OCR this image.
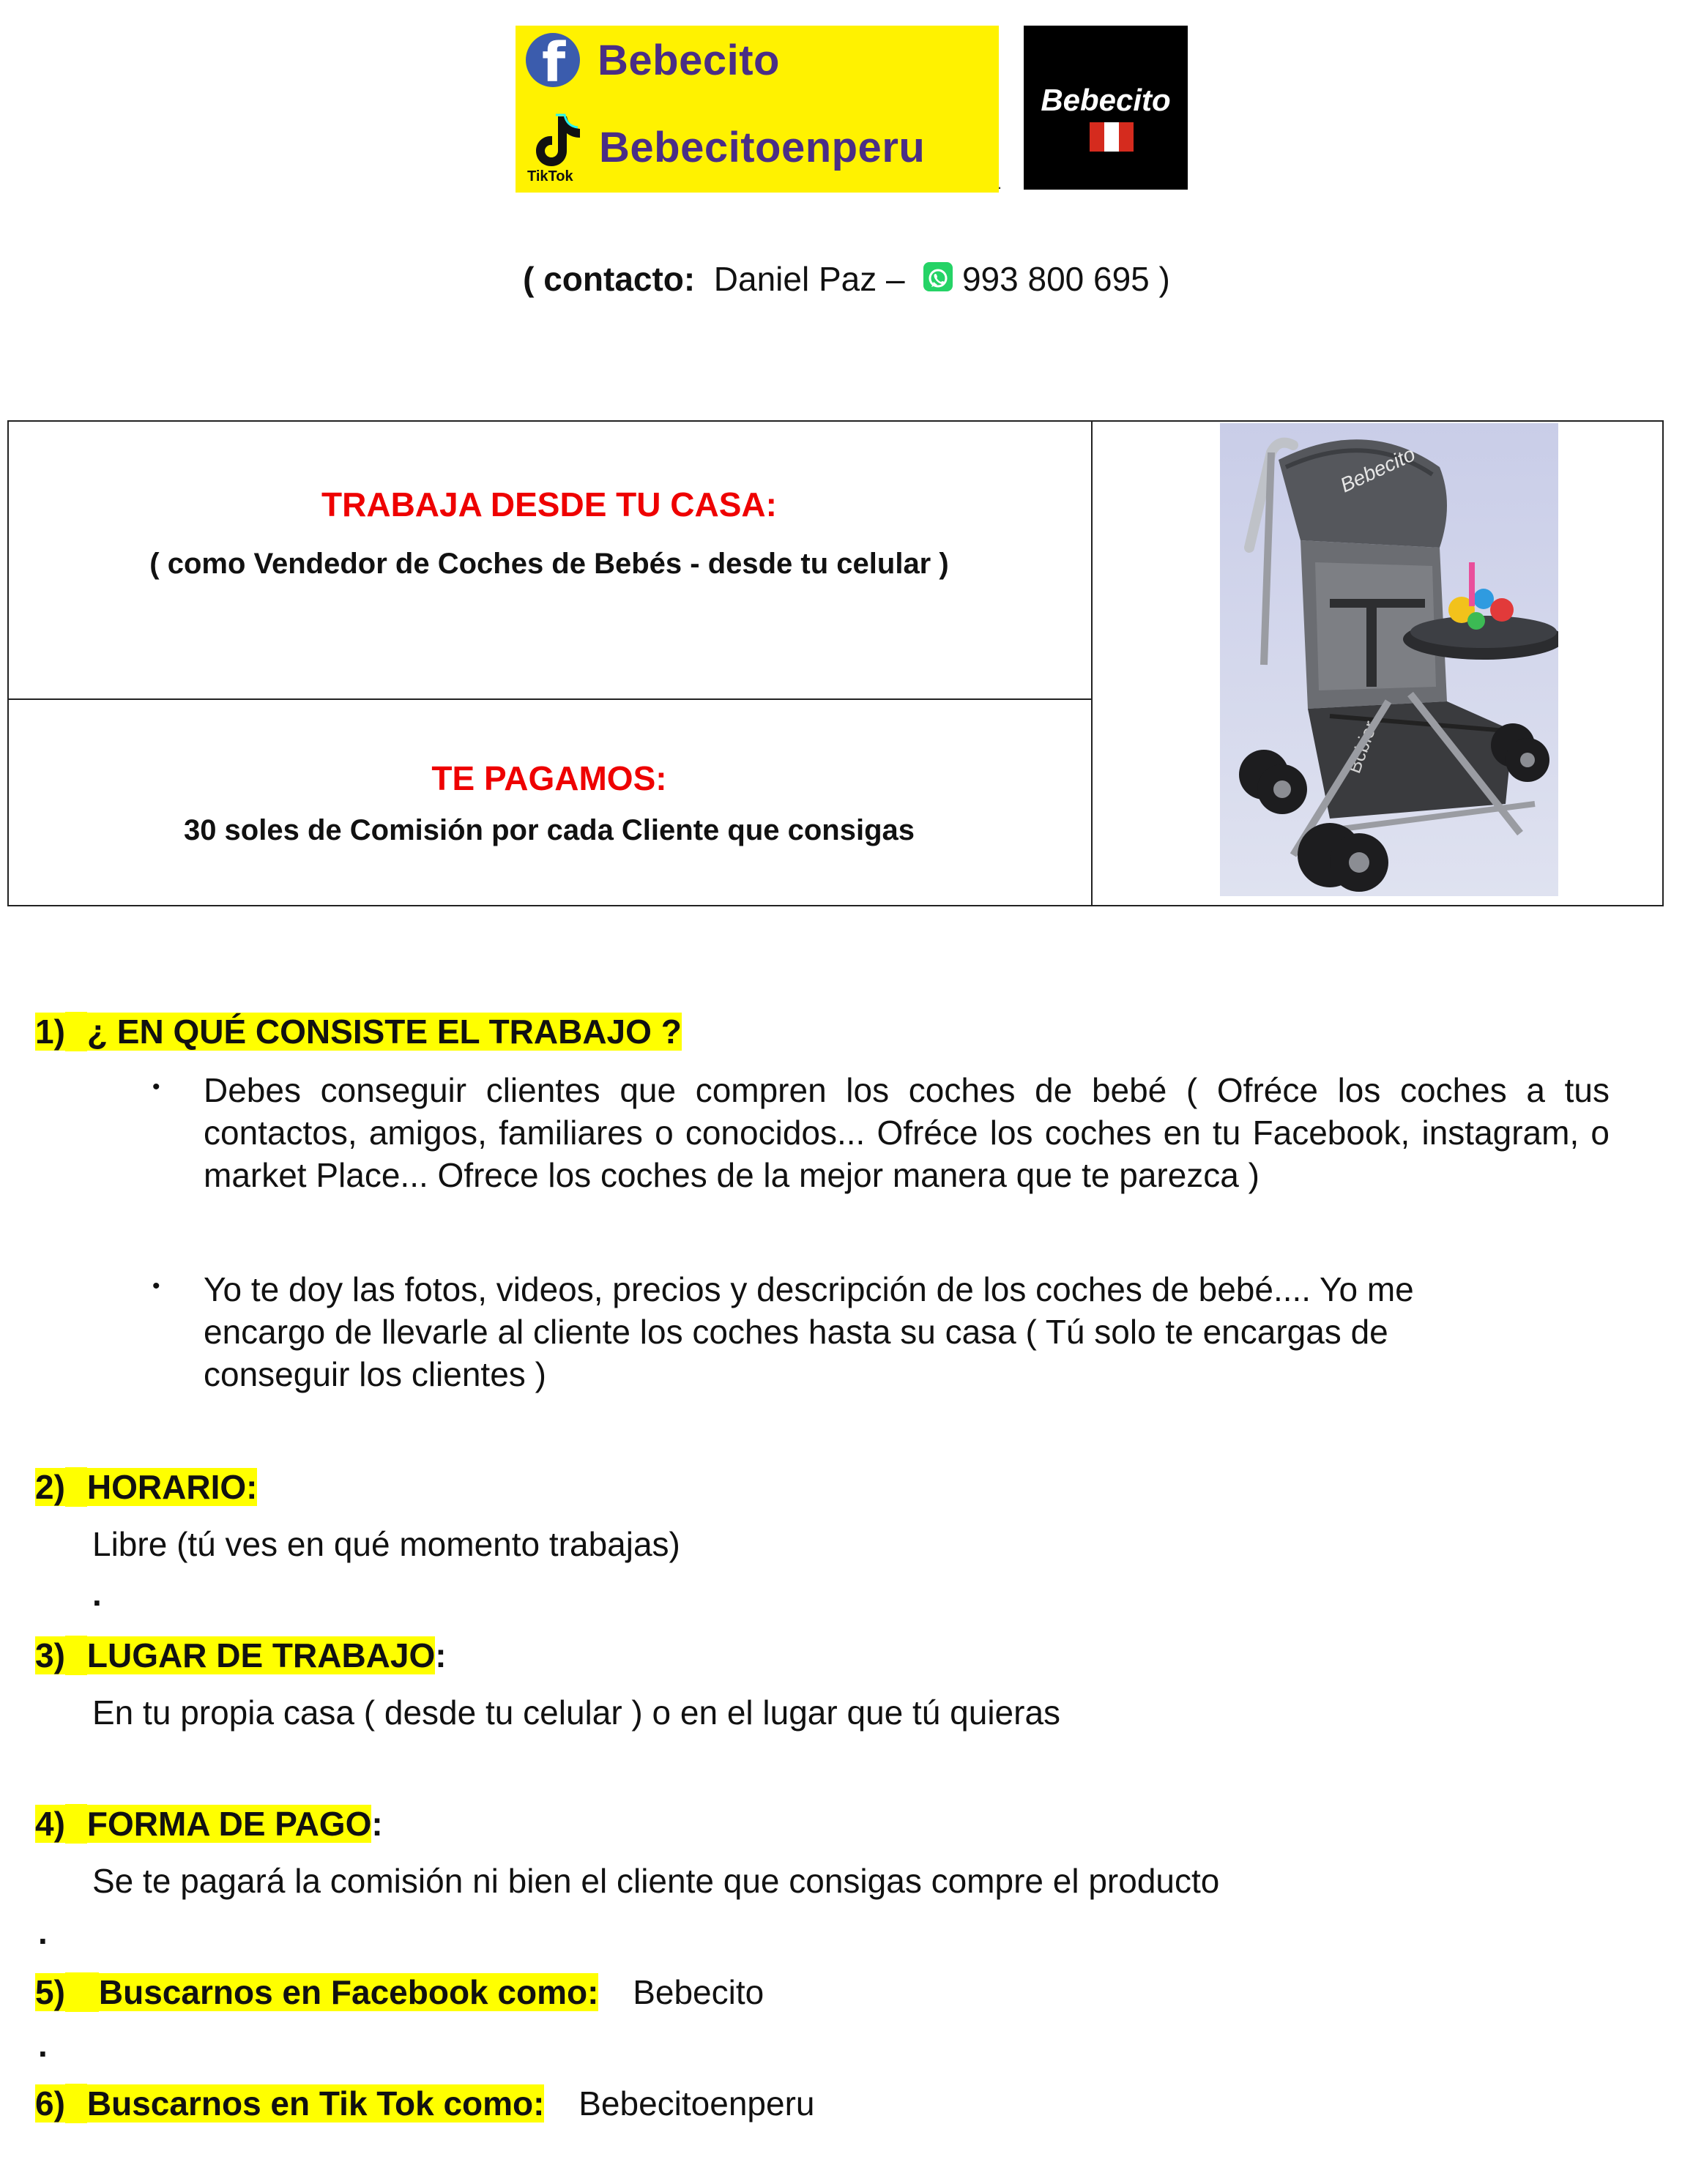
f Bebecito
TikTok
Bebecitoenperu
.
Bebecito
( contacto: Daniel Paz – 993 800 695 )
TRABAJA DESDE TU CASA:
( como Vendedor de Coches de Bebés - desde tu celular )
TE PAGAMOS:
30 soles de Comisión por cada Cliente que consigas
Bebecito
1) ¿ EN QUÉ CONSISTE EL TRABAJO ?
• Debes conseguir clientes que compren los coches de bebé ( Ofréce los coches a tus contactos, amigos, familiares o conocidos... Ofréce los coches en tu Facebook, instagram, o market Place... Ofrece los coches de la mejor manera que te parezca )
• Yo te doy las fotos, videos, precios y descripción de los coches de bebé.... Yo me encargo de llevarle al cliente los coches hasta su casa ( Tú solo te encargas de conseguir los clientes )
2) HORARIO:
Libre (tú ves en qué momento trabajas)
.
3) LUGAR DE TRABAJO:
En tu propia casa ( desde tu celular ) o en el lugar que tú quieras
4) FORMA DE PAGO:
Se te pagará la comisión ni bien el cliente que consigas compre el producto
.
5) Buscarnos en Facebook como: Bebecito
.
6) Buscarnos en Tik Tok como: Bebecitoenperu
